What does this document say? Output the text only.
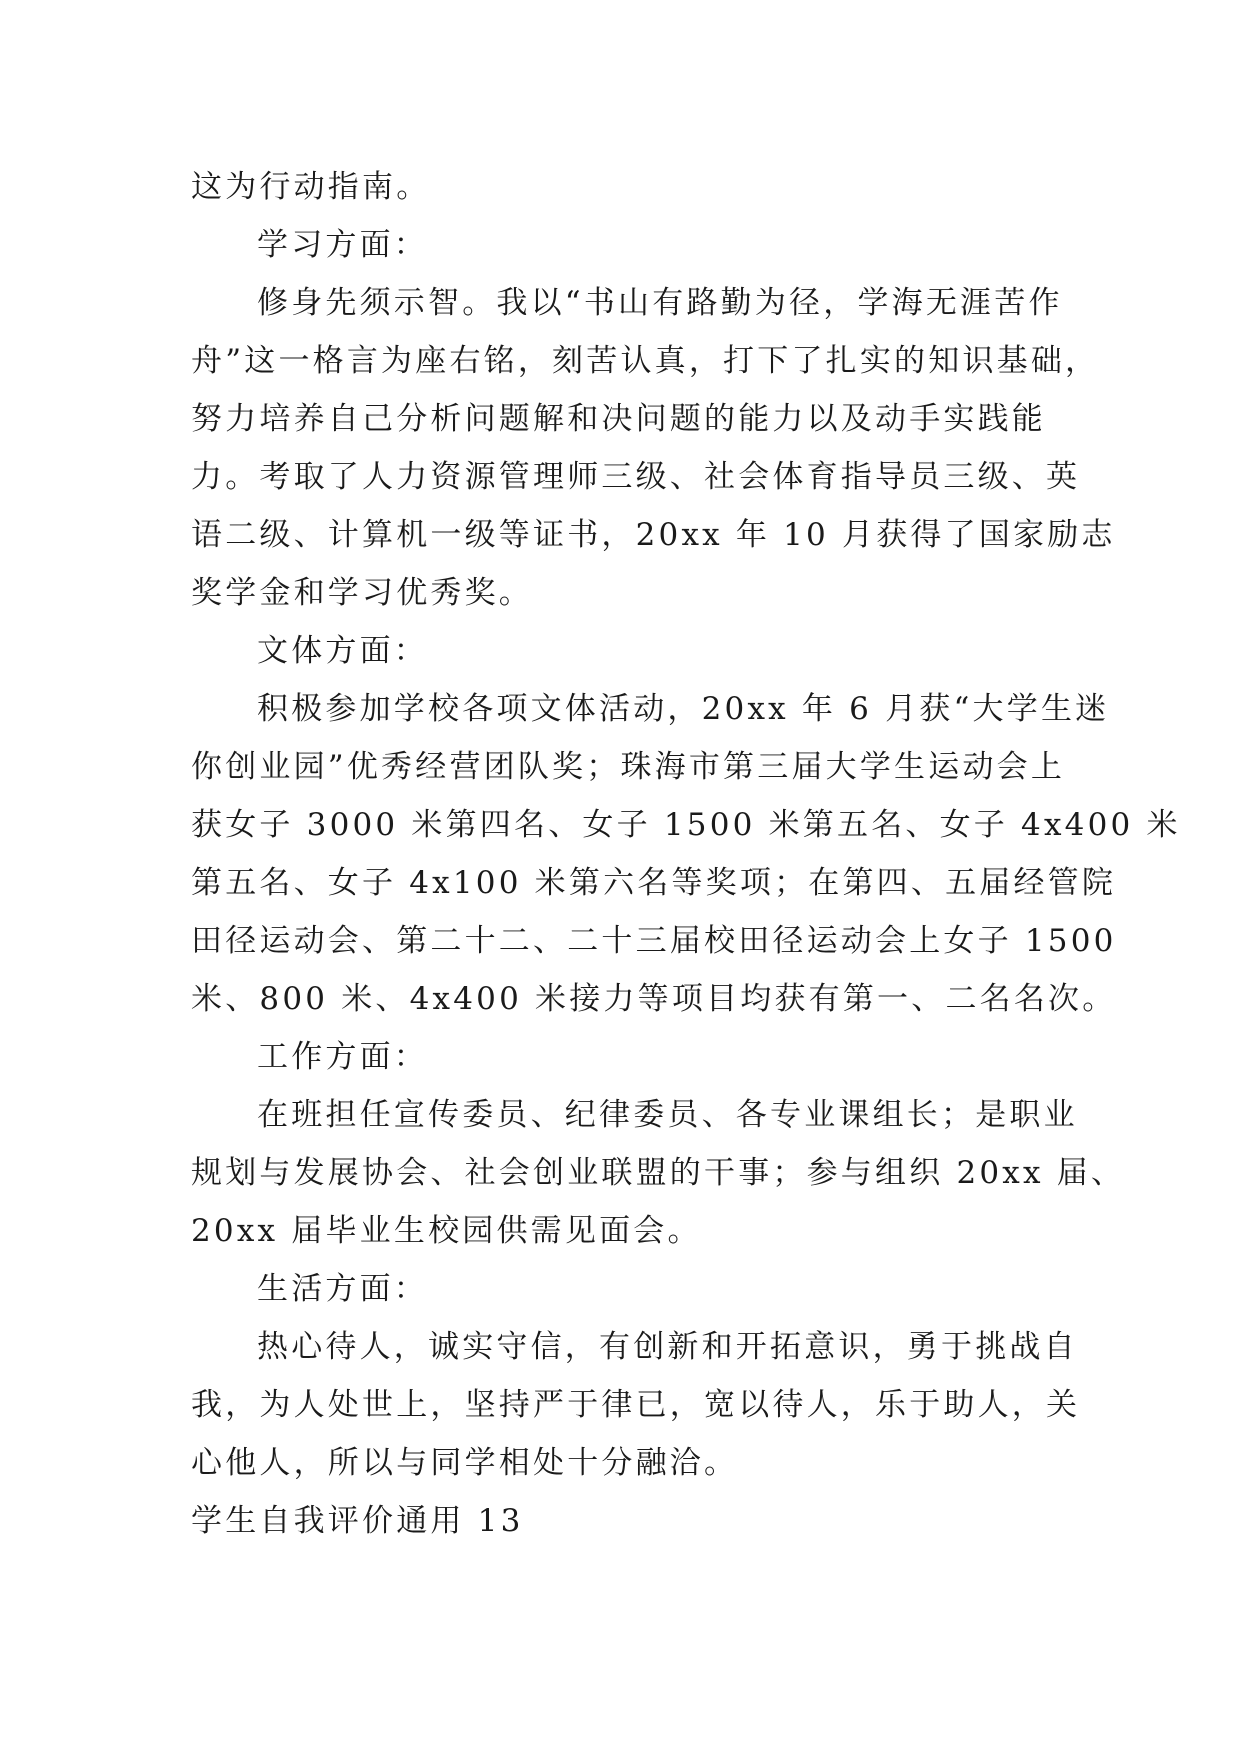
这为行动指南。
学习方面：
修身先须示智。我以“书山有路勤为径，学海无涯苦作
舟”这一格言为座右铭，刻苦认真，打下了扎实的知识基础，
努力培养自己分析问题解和决问题的能力以及动手实践能
力。考取了人力资源管理师三级、社会体育指导员三级、英
语二级、计算机一级等证书，20xx 年 10 月获得了国家励志
奖学金和学习优秀奖。
文体方面：
积极参加学校各项文体活动，20xx 年 6 月获“大学生迷
你创业园”优秀经营团队奖；珠海市第三届大学生运动会上
获女子 3000 米第四名、女子 1500 米第五名、女子 4x400 米
第五名、女子 4x100 米第六名等奖项；在第四、五届经管院
田径运动会、第二十二、二十三届校田径运动会上女子 1500
米、800 米、4x400 米接力等项目均获有第一、二名名次。
工作方面：
在班担任宣传委员、纪律委员、各专业课组长；是职业
规划与发展协会、社会创业联盟的干事；参与组织 20xx 届、
20xx 届毕业生校园供需见面会。
生活方面：
热心待人，诚实守信，有创新和开拓意识，勇于挑战自
我，为人处世上，坚持严于律已，宽以待人，乐于助人，关
心他人，所以与同学相处十分融洽。
学生自我评价通用 13
